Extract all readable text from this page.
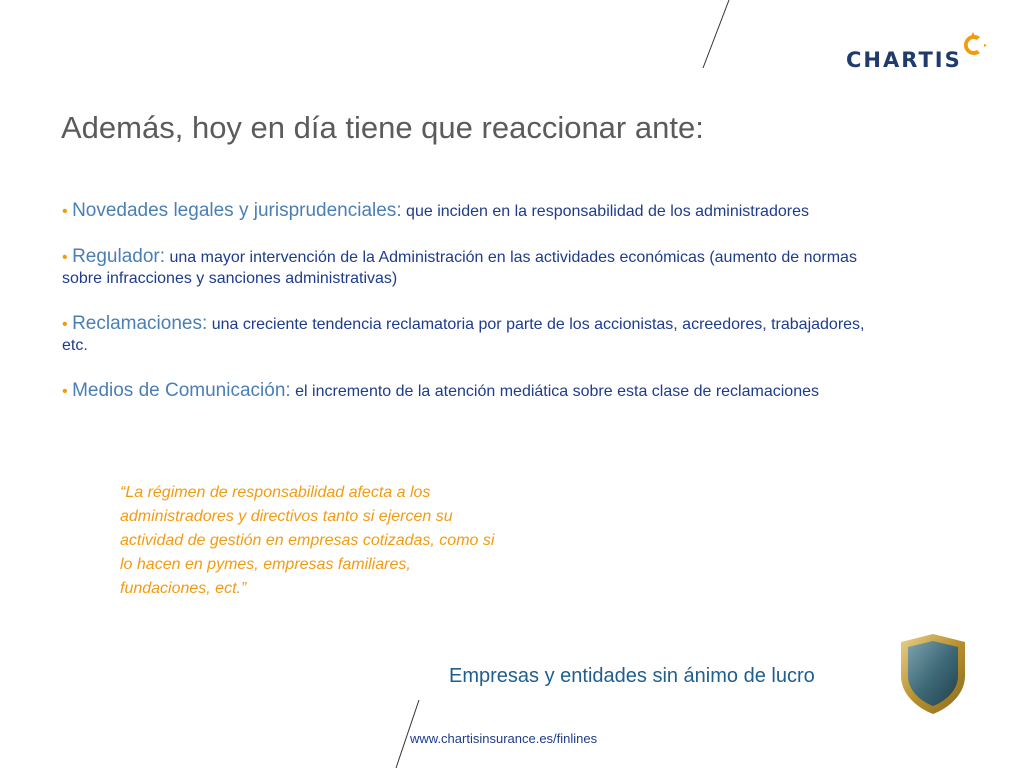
CHARTIS
Además, hoy en día tiene que reaccionar ante:

• Novedades legales y jurisprudenciales: que inciden en la responsabilidad de los administradores

• Regulador: una mayor intervención de la Administración en las actividades económicas (aumento de normas sobre infracciones y sanciones administrativas)

• Reclamaciones: una creciente tendencia reclamatoria por parte de los accionistas, acreedores, trabajadores, etc.

• Medios de Comunicación: el incremento de la atención mediática sobre esta clase de reclamaciones

“La régimen de responsabilidad afecta a los administradores y directivos tanto si ejercen su actividad de gestión en empresas cotizadas, como si lo hacen en pymes, empresas familiares, fundaciones, ect.”
Empresas y entidades sin ánimo de lucro
www.chartisinsurance.es/finlines
